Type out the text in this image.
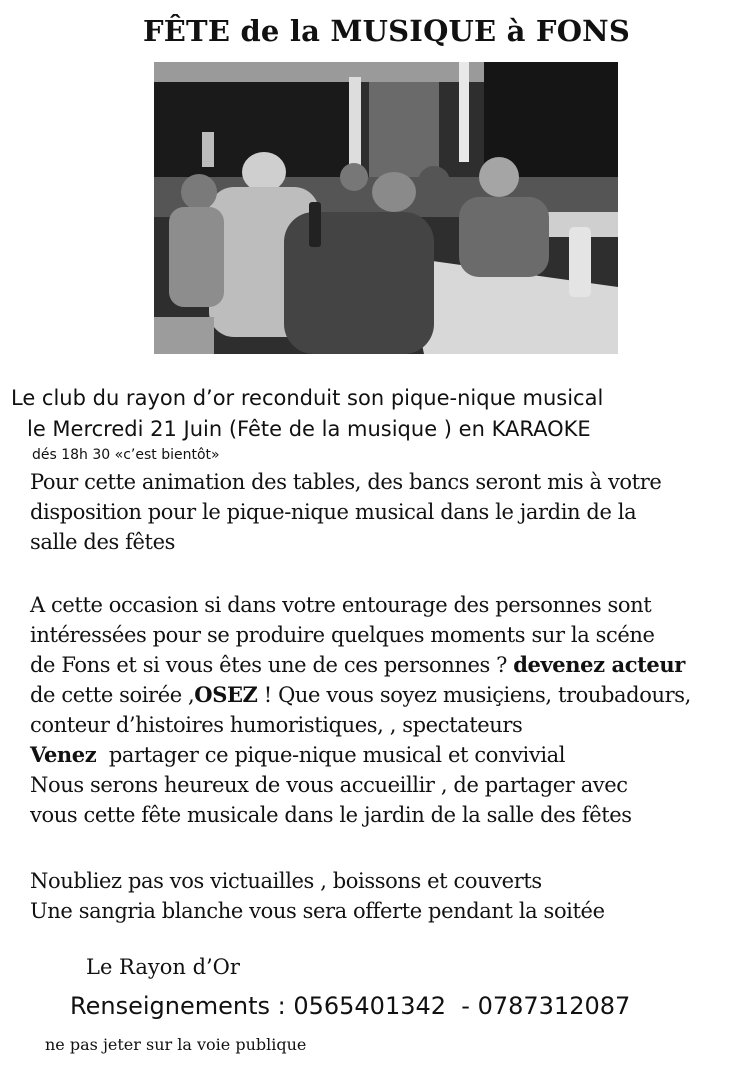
FÊTE de la MUSIQUE à FONS
Le club du rayon d’or reconduit son pique-nique musical
le Mercredi 21 Juin (Fête de la musique ) en KARAOKE
dés 18h 30 «c’est bientôt»
Pour cette animation des tables, des bancs seront mis à votre
disposition pour le pique-nique musical dans le jardin de la
salle des fêtes
A cette occasion si dans votre entourage des personnes sont
intéressées pour se produire quelques moments sur la scéne
de Fons et si vous êtes une de ces personnes ? devenez acteur
de cette soirée ,OSEZ ! Que vous soyez musiçiens, troubadours,
conteur d’histoires humoristiques, , spectateurs
Venez  partager ce pique-nique musical et convivial
Nous serons heureux de vous accueillir , de partager avec
vous cette fête musicale dans le jardin de la salle des fêtes
Noubliez pas vos victuailles , boissons et couverts
Une sangria blanche vous sera offerte pendant la soitée
Le Rayon d’Or
Renseignements : 0565401342  - 0787312087
ne pas jeter sur la voie publique
